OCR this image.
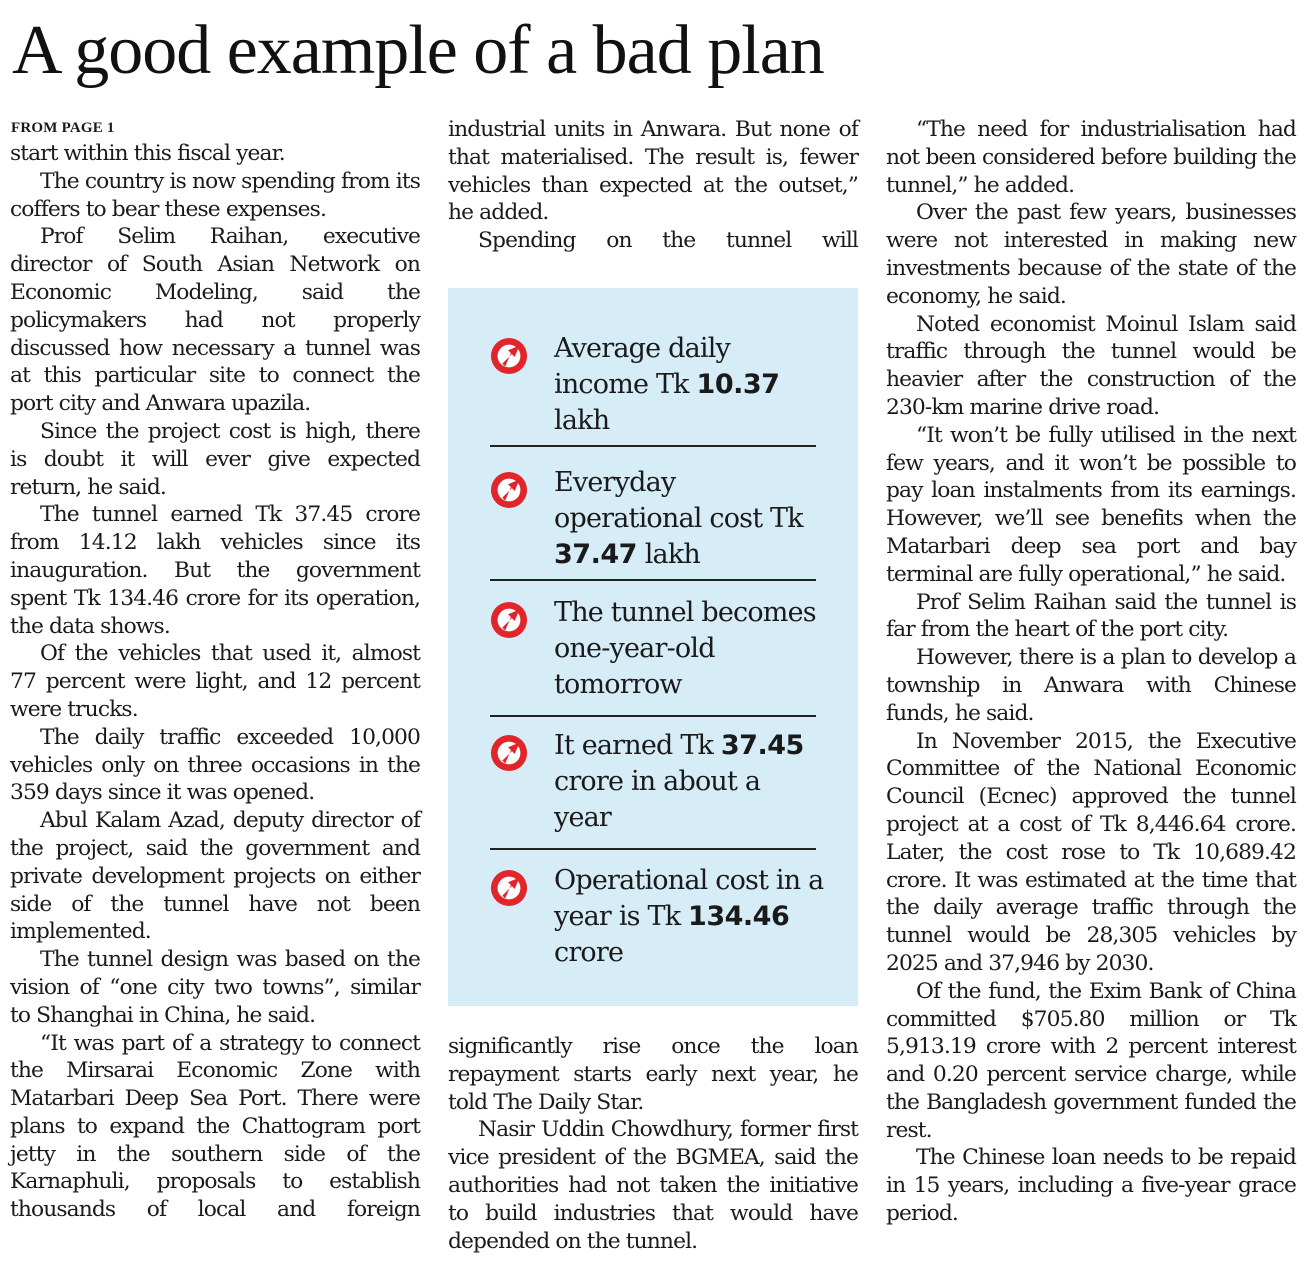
A good example of a bad plan
FROM PAGE 1

start within this fiscal year.

The country is now spending from its coffers to bear these expenses.

Prof Selim Raihan, executive director of South Asian Network on Economic Modeling, said the policymakers had not properly discussed how necessary a tunnel was at this particular site to connect the port city and Anwara upazila.

Since the project cost is high, there is doubt it will ever give expected return, he said.

The tunnel earned Tk 37.45 crore from 14.12 lakh vehicles since its inauguration. But the government spent Tk 134.46 crore for its operation, the data shows.

Of the vehicles that used it, almost 77 percent were light, and 12 percent were trucks.

The daily traffic exceeded 10,000 vehicles only on three occasions in the 359 days since it was opened.

Abul Kalam Azad, deputy director of the project, said the government and private development projects on either side of the tunnel have not been implemented.

The tunnel design was based on the vision of “one city two towns”, similar to Shanghai in China, he said.

“It was part of a strategy to connect the Mirsarai Economic Zone with Matarbari Deep Sea Port. There were plans to expand the Chattogram port jetty in the southern side of the Karnaphuli, proposals to establish thousands of local and foreign

industrial units in Anwara. But none of that materialised. The result is, fewer vehicles than expected at the outset,” he added.

Spending on the tunnel will

Average daily income Tk 10.37 lakh
Everyday operational cost Tk 37.47 lakh
The tunnel becomes one-year-old tomorrow
It earned Tk 37.45 crore in about a year
Operational cost in a year is Tk 134.46 crore

significantly rise once the loan repayment starts early next year, he told The Daily Star.

Nasir Uddin Chowdhury, former first vice president of the BGMEA, said the authorities had not taken the initiative to build industries that would have depended on the tunnel.

“The need for industrialisation had not been considered before building the tunnel,” he added.

Over the past few years, businesses were not interested in making new investments because of the state of the economy, he said.

Noted economist Moinul Islam said traffic through the tunnel would be heavier after the construction of the 230-km marine drive road.

“It won’t be fully utilised in the next few years, and it won’t be possible to pay loan instalments from its earnings. However, we’ll see benefits when the Matarbari deep sea port and bay terminal are fully operational,” he said.

Prof Selim Raihan said the tunnel is far from the heart of the port city.

However, there is a plan to develop a township in Anwara with Chinese funds, he said.

In November 2015, the Executive Committee of the National Economic Council (Ecnec) approved the tunnel project at a cost of Tk 8,446.64 crore. Later, the cost rose to Tk 10,689.42 crore. It was estimated at the time that the daily average traffic through the tunnel would be 28,305 vehicles by 2025 and 37,946 by 2030.

Of the fund, the Exim Bank of China committed $705.80 million or Tk 5,913.19 crore with 2 percent interest and 0.20 percent service charge, while the Bangladesh government funded the rest.

The Chinese loan needs to be repaid in 15 years, including a five-year grace period.
